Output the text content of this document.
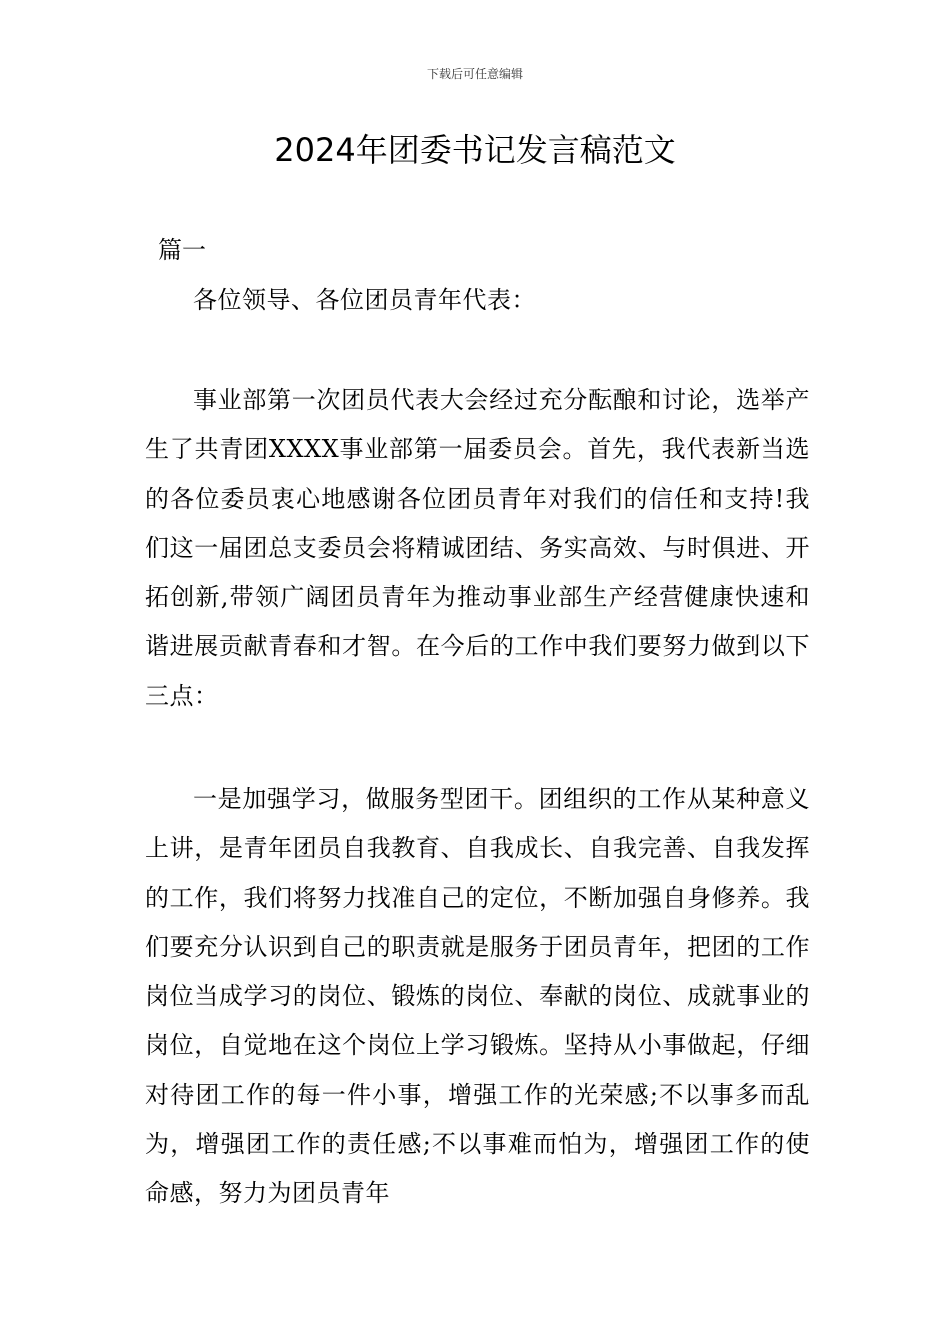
下载后可任意编辑
2024年团委书记发言稿范文

篇一

各位领导、各位团员青年代表：

事业部第一次团员代表大会经过充分酝酿和讨论，选举产生了共青团XXXX事业部第一届委员会。首先，我代表新当选的各位委员衷心地感谢各位团员青年对我们的信任和支持!我们这一届团总支委员会将精诚团结、务实高效、与时俱进、开拓创新,带领广阔团员青年为推动事业部生产经营健康快速和谐进展贡献青春和才智。在今后的工作中我们要努力做到以下三点：

一是加强学习，做服务型团干。团组织的工作从某种意义上讲，是青年团员自我教育、自我成长、自我完善、自我发挥的工作，我们将努力找准自己的定位，不断加强自身修养。我们要充分认识到自己的职责就是服务于团员青年，把团的工作岗位当成学习的岗位、锻炼的岗位、奉献的岗位、成就事业的岗位，自觉地在这个岗位上学习锻炼。坚持从小事做起，仔细对待团工作的每一件小事，增强工作的光荣感;不以事多而乱为，增强团工作的责任感;不以事难而怕为，增强团工作的使命感，努力为团员青年
